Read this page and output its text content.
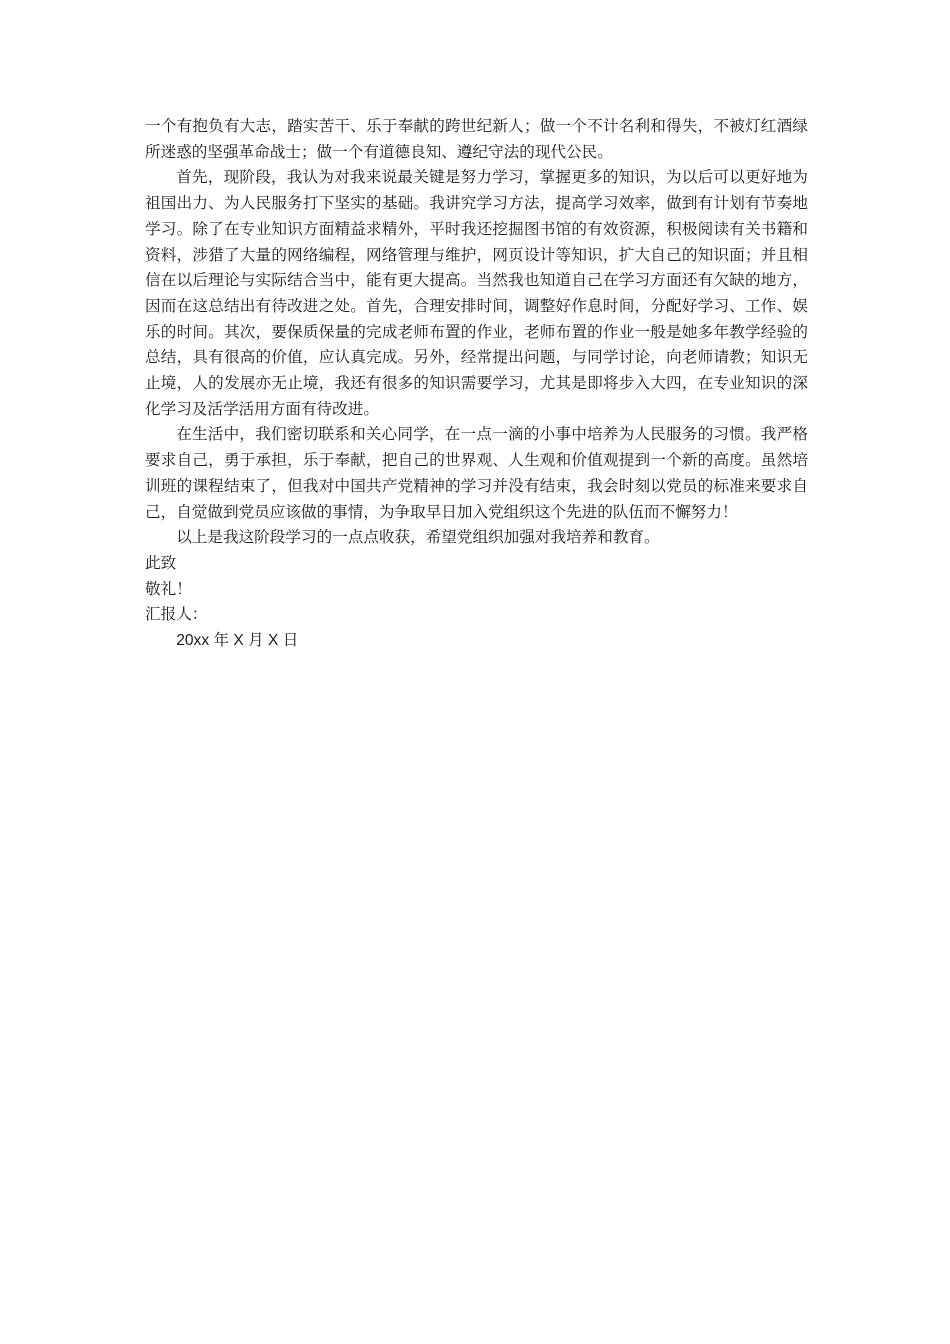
一个有抱负有大志，踏实苦干、乐于奉献的跨世纪新人；做一个不计名利和得失，不被灯红酒绿所迷惑的坚强革命战士；做一个有道德良知、遵纪守法的现代公民。

首先，现阶段，我认为对我来说最关键是努力学习，掌握更多的知识，为以后可以更好地为祖国出力、为人民服务打下坚实的基础。我讲究学习方法，提高学习效率，做到有计划有节奏地学习。除了在专业知识方面精益求精外，平时我还挖掘图书馆的有效资源，积极阅读有关书籍和资料，涉猎了大量的网络编程，网络管理与维护，网页设计等知识，扩大自己的知识面；并且相信在以后理论与实际结合当中，能有更大提高。当然我也知道自己在学习方面还有欠缺的地方，因而在这总结出有待改进之处。首先，合理安排时间，调整好作息时间，分配好学习、工作、娱乐的时间。其次，要保质保量的完成老师布置的作业，老师布置的作业一般是她多年教学经验的总结，具有很高的价值，应认真完成。另外，经常提出问题，与同学讨论，向老师请教；知识无止境，人的发展亦无止境，我还有很多的知识需要学习，尤其是即将步入大四，在专业知识的深化学习及活学活用方面有待改进。

在生活中，我们密切联系和关心同学，在一点一滴的小事中培养为人民服务的习惯。我严格要求自己，勇于承担，乐于奉献，把自己的世界观、人生观和价值观提到一个新的高度。虽然培训班的课程结束了，但我对中国共产党精神的学习并没有结束，我会时刻以党员的标准来要求自己，自觉做到党员应该做的事情，为争取早日加入党组织这个先进的队伍而不懈努力！

以上是我这阶段学习的一点点收获，希望党组织加强对我培养和教育。

此致

敬礼！

汇报人：

20xx 年 X 月 X 日
